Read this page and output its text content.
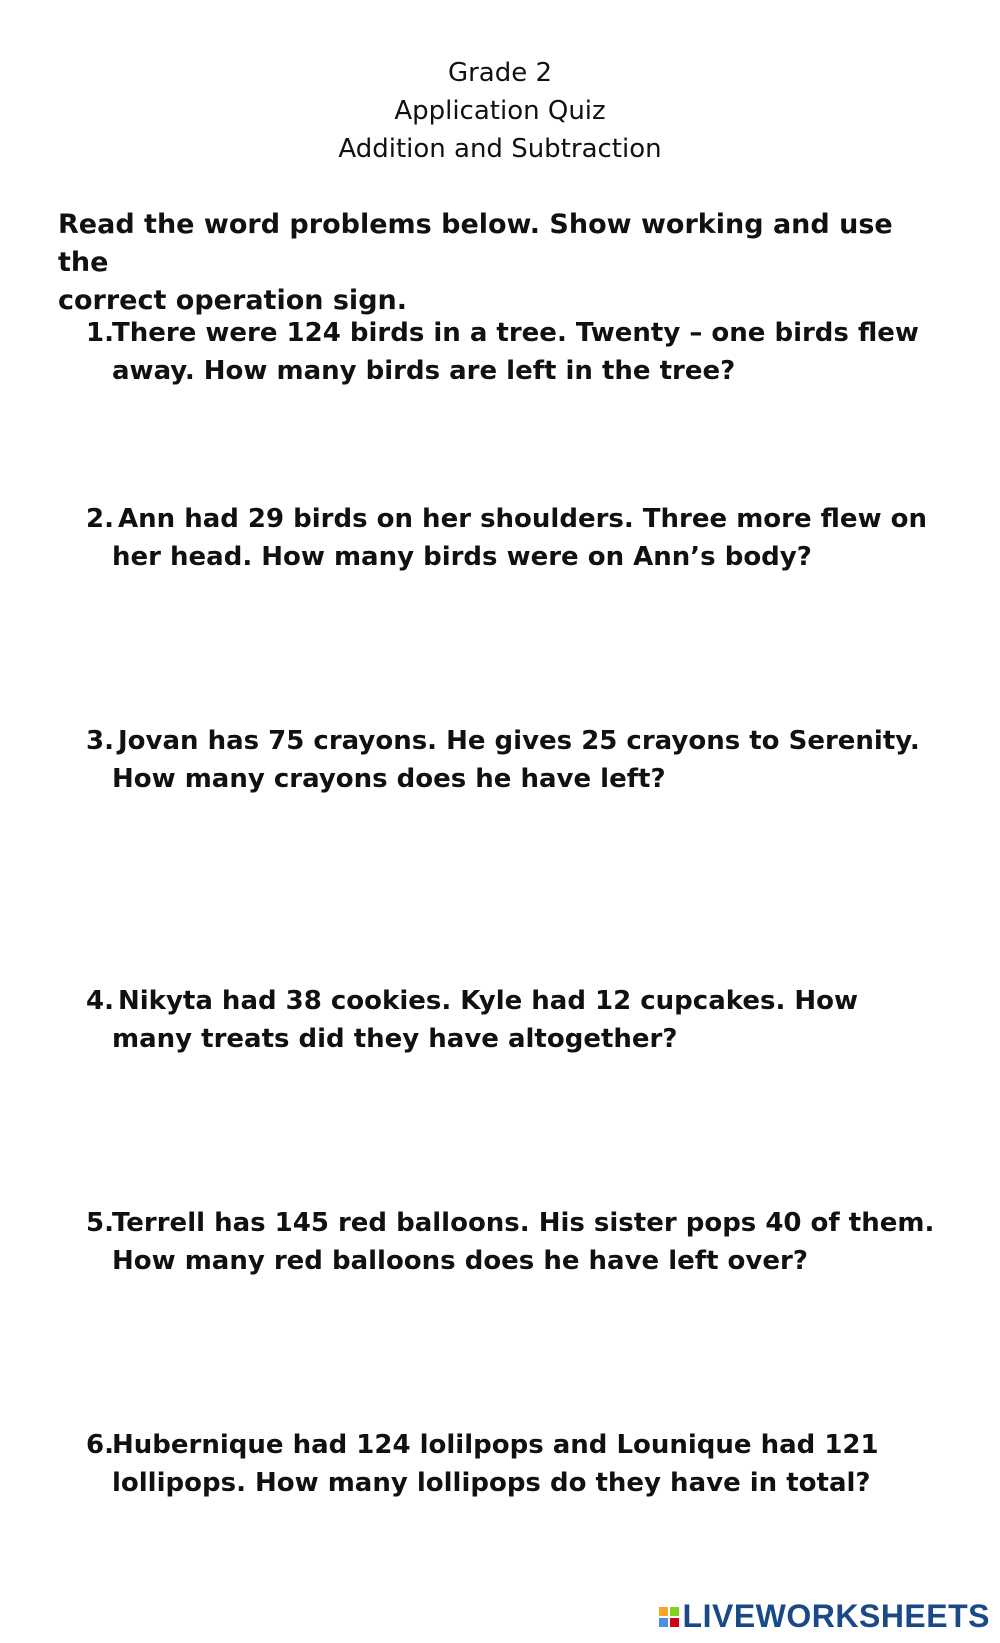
Grade 2
Application Quiz
Addition and Subtraction
Read the word problems below. Show working and use the
correct operation sign.
1.
There were 124 birds in a tree. Twenty – one birds flew
away. How many birds are left in the tree?
2. Ann had 29 birds on her shoulders. Three more flew on
her head. How many birds were on Ann’s body?
3. Jovan has 75 crayons. He gives 25 crayons to Serenity.
How many crayons does he have left?
4. Nikyta had 38 cookies. Kyle had 12 cupcakes. How
many treats did they have altogether?
5.
Terrell has 145 red balloons. His sister pops 40 of them.
How many red balloons does he have left over?
6.
Hubernique had 124 lolilpops and Lounique had 121
lollipops. How many lollipops do they have in total?
LIVEWORKSHEETS
